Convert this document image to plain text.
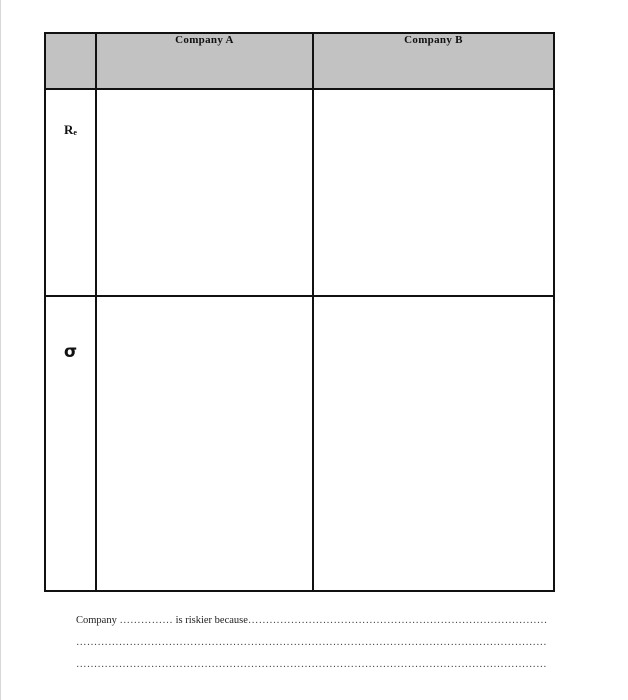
	Company A	Company B

$R_e$

σ		

Company …………… is riskier because…………………………………………………………………………
……………………………………………………………………………………………………………………
……………………………………………………………………………………………………………………
